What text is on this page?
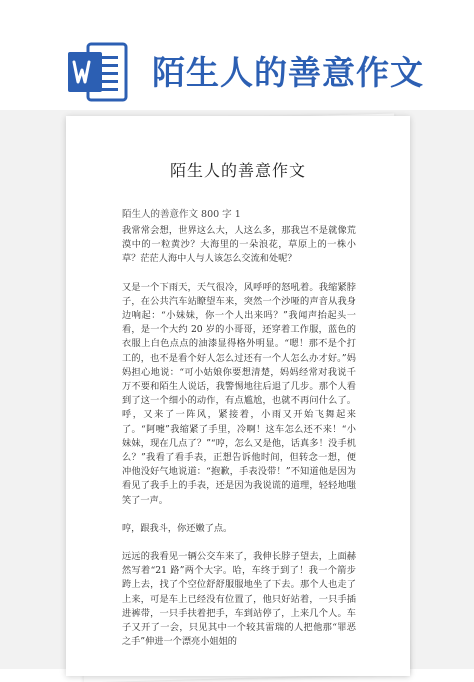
陌生人的善意作文
陌生人的善意作文
陌生人的善意作文 800 字 1

我常常会想，世界这么大，人这么多，那我岂不是就像荒漠中的一粒黄沙？大海里的一朵浪花，草原上的一株小草？茫茫人海中人与人该怎么交流和处呢？

又是一个下雨天，天气很冷，风呼呼的怒吼着。我缩紧脖子，在公共汽车站瞭望车来，突然一个沙哑的声音从我身边响起：“小妹妹，你一个人出来吗？”我闻声抬起头一看，是一个大约 20 岁的小哥哥，还穿着工作服，蓝色的衣服上白色点点的油漆显得格外明显。“嗯！那不是个打工的，也不是看个好人怎么过还有一个人怎么办才好。”妈妈担心地说：“可小姑娘你要想清楚，妈妈经常对我说千万不要和陌生人说话，我警惕地往后退了几步。那个人看到了这一个细小的动作，有点尴尬，也就不再问什么了。呼，又来了一阵风，紧接着，小雨又开始飞舞起来了。“阿嚏”我缩紧了手里，冷啊！这车怎么还不来！“小妹妹，现在几点了？”“哼，怎么又是他，话真多！没手机么？”我看了看手表，正想告诉他时间，但转念一想，便冲他没好气地说道：“抱歉，手表没带！”不知道他是因为看见了我手上的手表，还是因为我说谎的道理，轻轻地嗤笑了一声。

哼，跟我斗，你还嫩了点。

远远的我看见一辆公交车来了，我伸长脖子望去，上面赫然写着“21 路”两个大字。哈，车终于到了！我一个箭步跨上去，找了个空位舒舒服服地坐了下去。那个人也走了上来，可是车上已经没有位置了，他只好站着，一只手插进裤带，一只手扶着把手，车到站停了，上来几个人。车子又开了一会，只见其中一个较其雷瑞的人把他那“罪恶之手”伸进一个漂亮小姐姐的
